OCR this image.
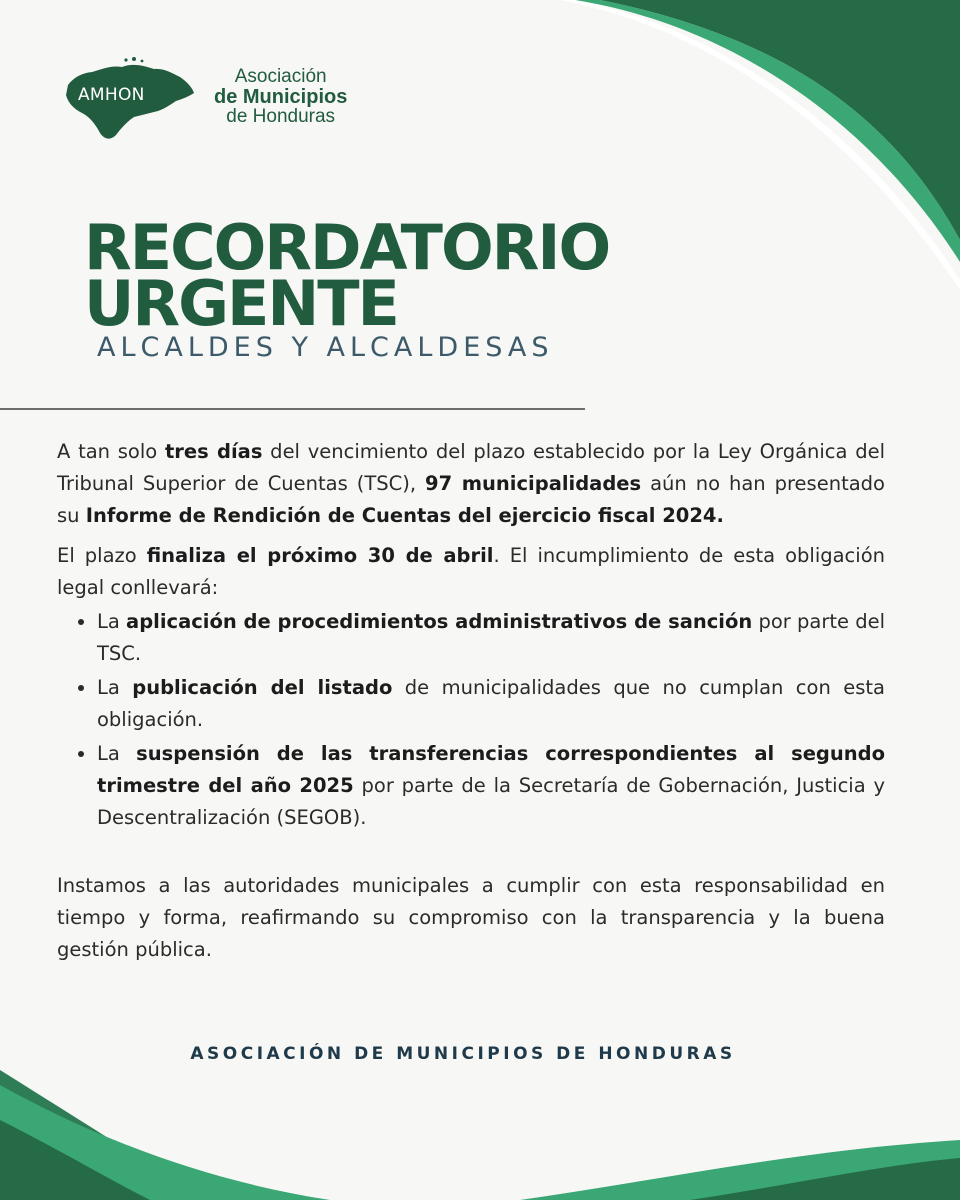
AMHON
Asociación
de Municipios
de Honduras
RECORDATORIO
URGENTE
ALCALDES Y ALCALDESAS

A tan solo tres días del vencimiento del plazo establecido por la Ley Orgánica del Tribunal Superior de Cuentas (TSC), 97 municipalidades aún no han presentado su Informe de Rendición de Cuentas del ejercicio fiscal 2024.

El plazo finaliza el próximo 30 de abril. El incumplimiento de esta obligación legal conllevará:

• La aplicación de procedimientos administrativos de sanción por parte del TSC.
• La publicación del listado de municipalidades que no cumplan con esta obligación.
• La suspensión de las transferencias correspondientes al segundo trimestre del año 2025 por parte de la Secretaría de Gobernación, Justicia y Descentralización (SEGOB).

Instamos a las autoridades municipales a cumplir con esta responsabilidad en tiempo y forma, reafirmando su compromiso con la transparencia y la buena gestión pública.

ASOCIACIÓN DE MUNICIPIOS DE HONDURAS
